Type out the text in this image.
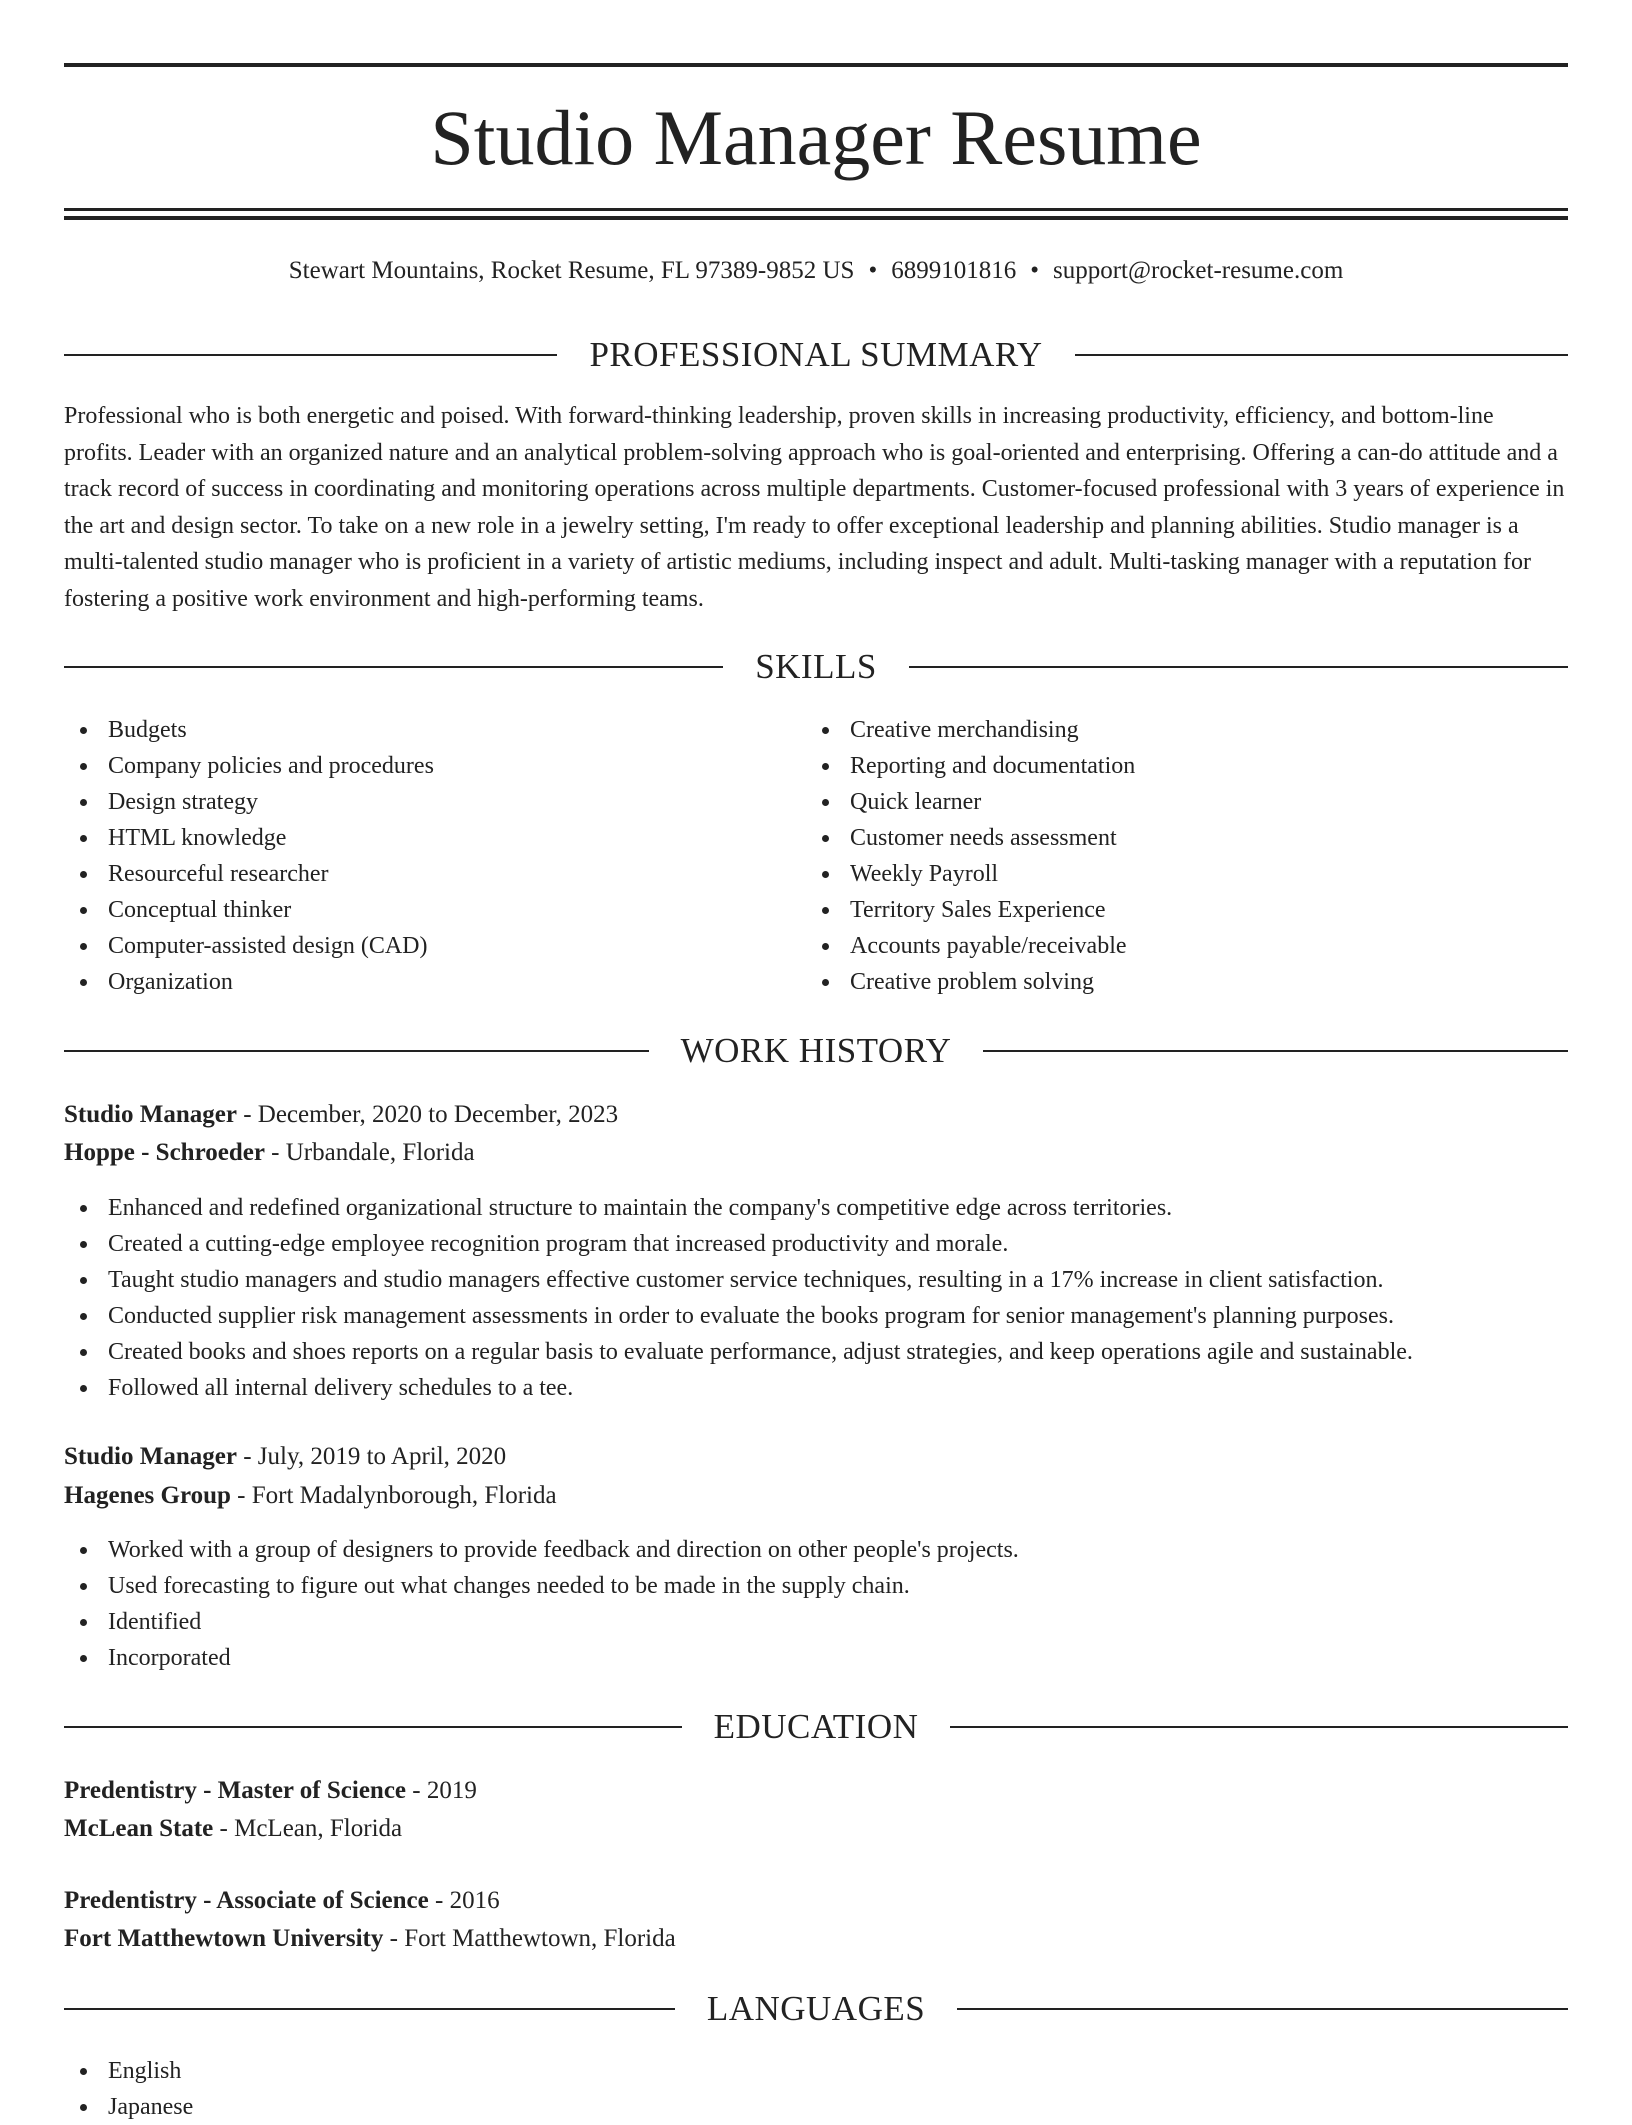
Studio Manager Resume
Stewart Mountains, Rocket Resume, FL 97389-9852 US • 6899101816 • support@rocket-resume.com
PROFESSIONAL SUMMARY

Professional who is both energetic and poised. With forward-thinking leadership, proven skills in increasing productivity, efficiency, and bottom-line profits. Leader with an organized nature and an analytical problem-solving approach who is goal-oriented and enterprising. Offering a can-do attitude and a track record of success in coordinating and monitoring operations across multiple departments. Customer-focused professional with 3 years of experience in the art and design sector. To take on a new role in a jewelry setting, I'm ready to offer exceptional leadership and planning abilities. Studio manager is a multi-talented studio manager who is proficient in a variety of artistic mediums, including inspect and adult. Multi-tasking manager with a reputation for fostering a positive work environment and high-performing teams.

SKILLS
Budgets
Company policies and procedures
Design strategy
HTML knowledge
Resourceful researcher
Conceptual thinker
Computer-assisted design (CAD)
Organization
Creative merchandising
Reporting and documentation
Quick learner
Customer needs assessment
Weekly Payroll
Territory Sales Experience
Accounts payable/receivable
Creative problem solving
WORK HISTORY
Studio Manager - December, 2020 to December, 2023
Hoppe - Schroeder - Urbandale, Florida
Enhanced and redefined organizational structure to maintain the company's competitive edge across territories.
Created a cutting-edge employee recognition program that increased productivity and morale.
Taught studio managers and studio managers effective customer service techniques, resulting in a 17% increase in client satisfaction.
Conducted supplier risk management assessments in order to evaluate the books program for senior management's planning purposes.
Created books and shoes reports on a regular basis to evaluate performance, adjust strategies, and keep operations agile and sustainable.
Followed all internal delivery schedules to a tee.
Studio Manager - July, 2019 to April, 2020
Hagenes Group - Fort Madalynborough, Florida
Worked with a group of designers to provide feedback and direction on other people's projects.
Used forecasting to figure out what changes needed to be made in the supply chain.
Identified
Incorporated
EDUCATION
Predentistry - Master of Science - 2019
McLean State - McLean, Florida
Predentistry - Associate of Science - 2016
Fort Matthewtown University - Fort Matthewtown, Florida
LANGUAGES
English
Japanese
